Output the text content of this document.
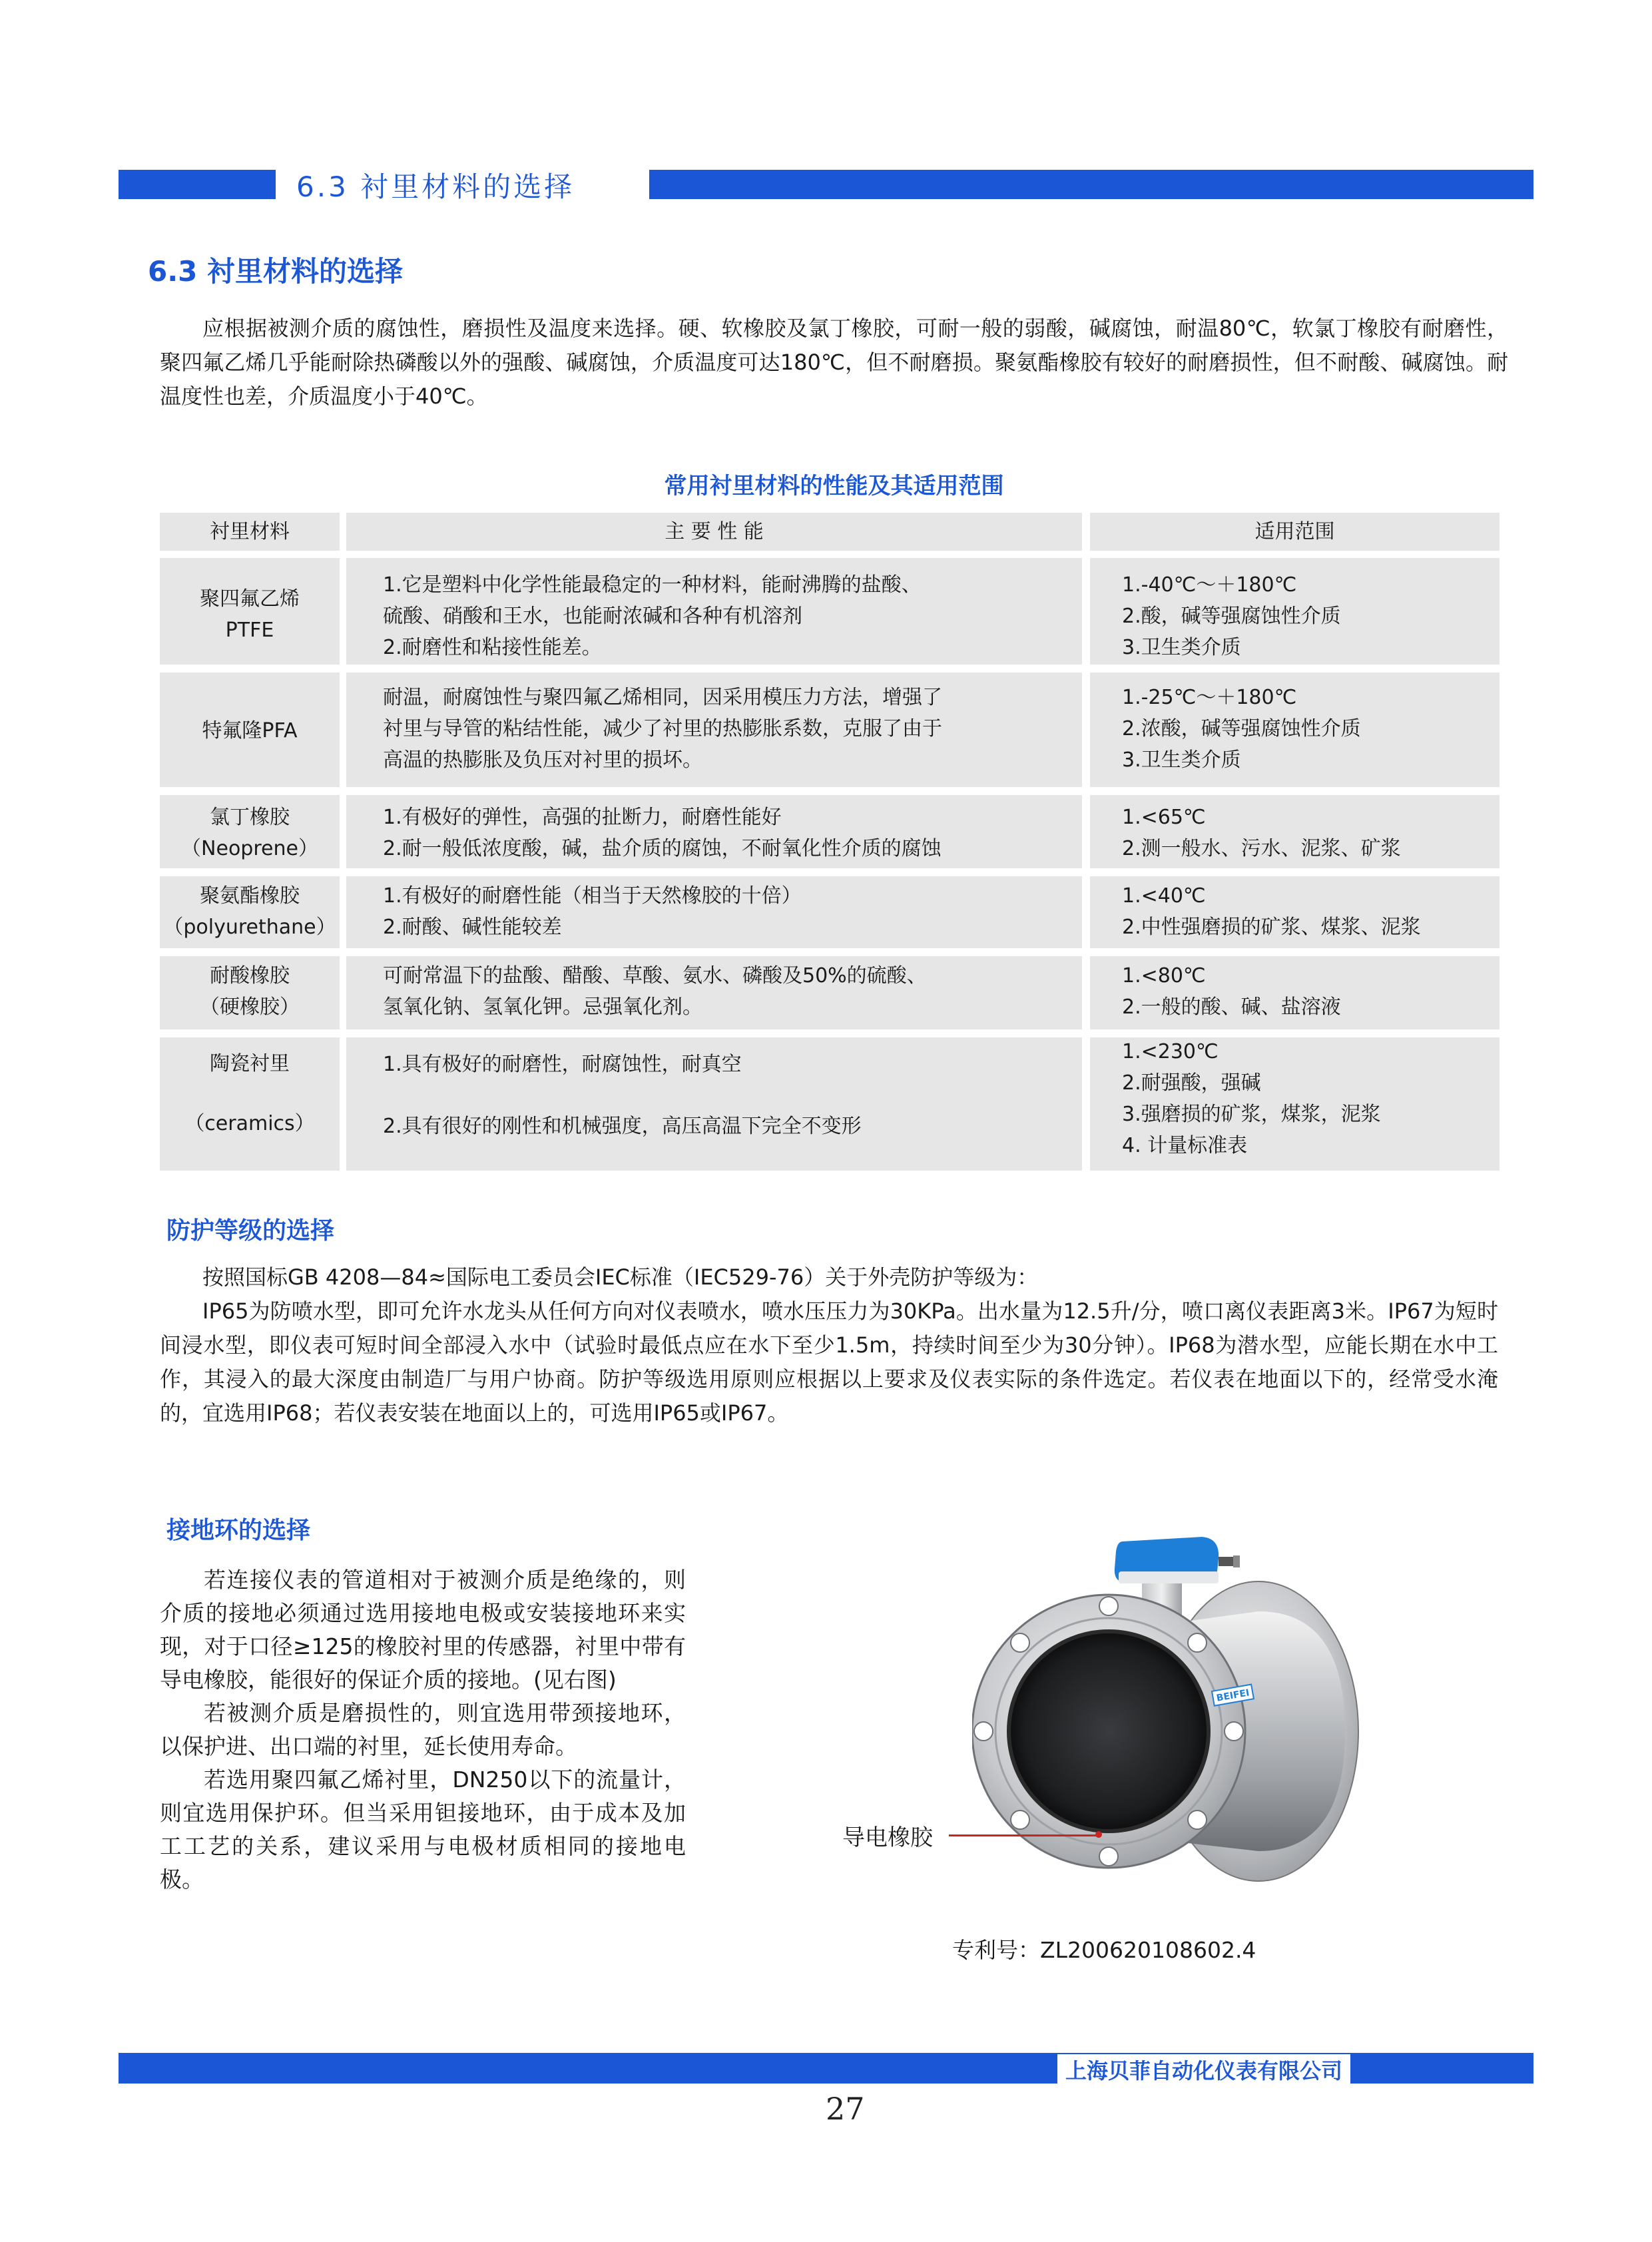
6.3 衬里材料的选择
6.3 衬里材料的选择

应根据被测介质的腐蚀性，磨损性及温度来选择。硬、软橡胶及氯丁橡胶，可耐一般的弱酸，碱腐蚀，耐温80℃，软氯丁橡胶有耐磨性，聚四氟乙烯几乎能耐除热磷酸以外的强酸、碱腐蚀，介质温度可达180℃，但不耐磨损。聚氨酯橡胶有较好的耐磨损性，但不耐酸、碱腐蚀。耐温度性也差，介质温度小于40℃。

常用衬里材料的性能及其适用范围
衬里材料	主 要 性 能	适用范围
聚四氟乙烯
PTFE
1.它是塑料中化学性能最稳定的一种材料，能耐沸腾的盐酸、
硫酸、硝酸和王水，也能耐浓碱和各种有机溶剂
2.耐磨性和粘接性能差。
1.-40℃～＋180℃
2.酸，碱等强腐蚀性介质
3.卫生类介质
特氟隆PFA
耐温，耐腐蚀性与聚四氟乙烯相同，因采用模压力方法，增强了
衬里与导管的粘结性能，减少了衬里的热膨胀系数，克服了由于
高温的热膨胀及负压对衬里的损坏。
1.-25℃～＋180℃
2.浓酸，碱等强腐蚀性介质
3.卫生类介质
氯丁橡胶
（Neoprene）
1.有极好的弹性，高强的扯断力，耐磨性能好
2.耐一般低浓度酸，碱，盐介质的腐蚀，不耐氧化性介质的腐蚀
1.<65℃
2.测一般水、污水、泥浆、矿浆
聚氨酯橡胶
（polyurethane）
1.有极好的耐磨性能（相当于天然橡胶的十倍）
2.耐酸、碱性能较差
1.<40℃
2.中性强磨损的矿浆、煤浆、泥浆
耐酸橡胶
（硬橡胶）
可耐常温下的盐酸、醋酸、草酸、氨水、磷酸及50%的硫酸、
氢氧化钠、氢氧化钾。忌强氧化剂。
1.<80℃
2.一般的酸、碱、盐溶液
陶瓷衬里
（ceramics）
1.具有极好的耐磨性，耐腐蚀性，耐真空
2.具有很好的刚性和机械强度，高压高温下完全不变形
1.<230℃
2.耐强酸，强碱
3.强磨损的矿浆，煤浆，泥浆
4. 计量标准表
防护等级的选择

按照国标GB 4208—84≈国际电工委员会IEC标准（IEC529-76）关于外壳防护等级为：

IP65为防喷水型，即可允许水龙头从任何方向对仪表喷水，喷水压压力为30KPa。出水量为12.5升/分，喷口离仪表距离3米。IP67为短时间浸水型，即仪表可短时间全部浸入水中（试验时最低点应在水下至少1.5m，持续时间至少为30分钟）。IP68为潜水型，应能长期在水中工作，其浸入的最大深度由制造厂与用户协商。防护等级选用原则应根据以上要求及仪表实际的条件选定。若仪表在地面以下的，经常受水淹的，宜选用IP68；若仪表安装在地面以上的，可选用IP65或IP67。

接地环的选择

若连接仪表的管道相对于被测介质是绝缘的，则介质的接地必须通过选用接地电极或安装接地环来实现，对于口径≥125的橡胶衬里的传感器，衬里中带有导电橡胶，能很好的保证介质的接地。(见右图)

若被测介质是磨损性的，则宜选用带颈接地环，以保护进、出口端的衬里，延长使用寿命。

若选用聚四氟乙烯衬里，DN250以下的流量计，则宜选用保护环。但当采用钽接地环，由于成本及加工工艺的关系，建议采用与电极材质相同的接地电极。

BEIFEI
导电橡胶
专利号：ZL200620108602.4
上海贝菲自动化仪表有限公司
27
